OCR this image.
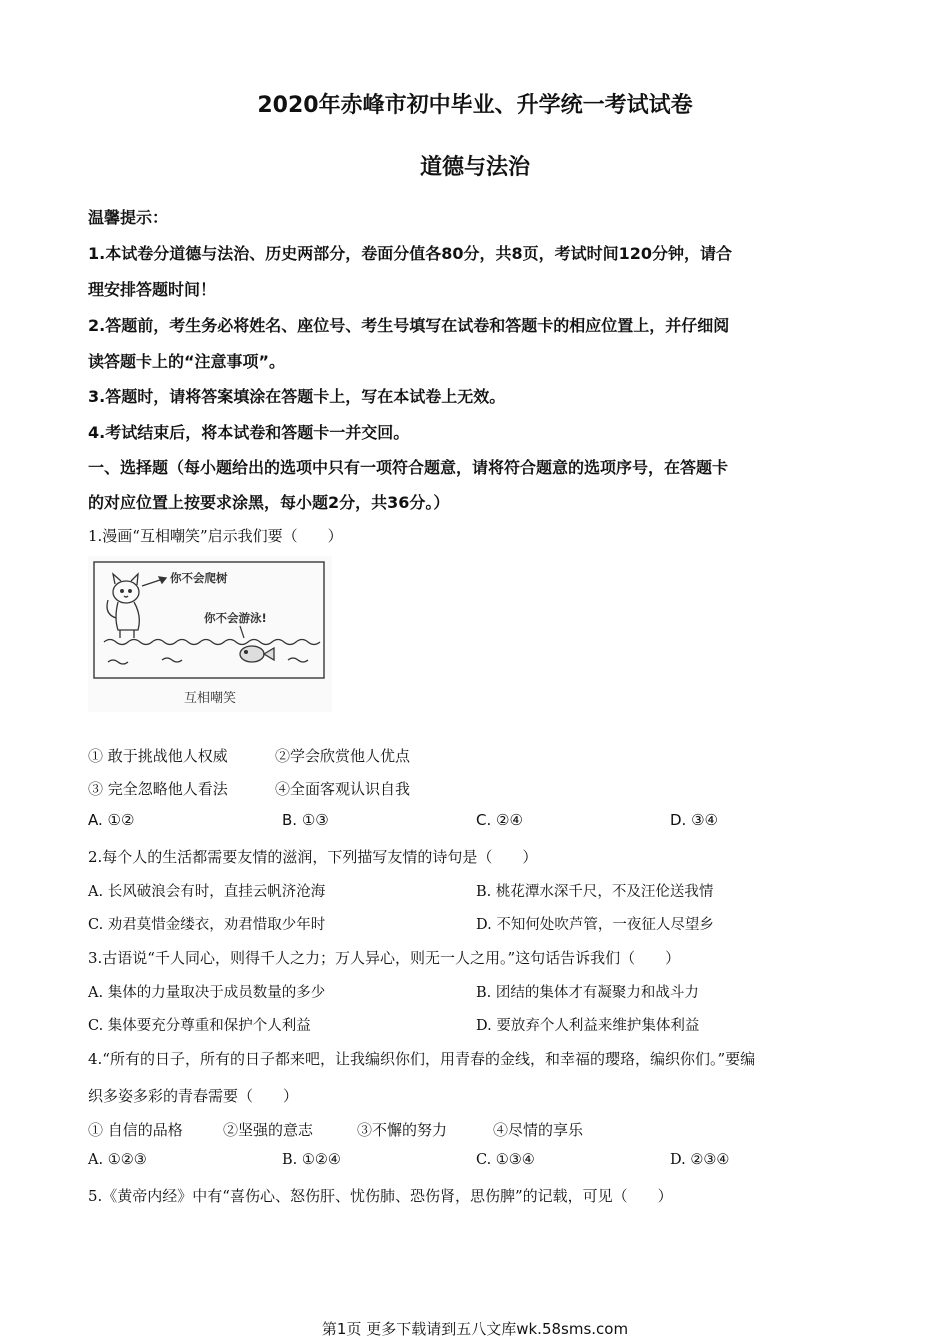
2020年赤峰市初中毕业、升学统一考试试卷
道德与法治
温馨提示：
1.本试卷分道德与法治、历史两部分，卷面分值各80分，共8页，考试时间120分钟，请合
理安排答题时间！
2.答题前，考生务必将姓名、座位号、考生号填写在试卷和答题卡的相应位置上，并仔细阅
读答题卡上的“注意事项”。
3.答题时，请将答案填涂在答题卡上，写在本试卷上无效。
4.考试结束后，将本试卷和答题卡一并交回。
一、选择题（每小题给出的选项中只有一项符合题意，请将符合题意的选项序号，在答题卡
的对应位置上按要求涂黑，每小题2分，共36分。）
1.漫画“互相嘲笑”启示我们要（　　）
你不会爬树
你不会游泳!
互相嘲笑
① 敢于挑战他人权威	②学会欣赏他人优点
③ 完全忽略他人看法	④全面客观认识自我
A. ①②	B. ①③	C. ②④	D. ③④
2.每个人的生活都需要友情的滋润，下列描写友情的诗句是（　　）
A. 长风破浪会有时，直挂云帆济沧海	B. 桃花潭水深千尺，不及汪伦送我情
C. 劝君莫惜金缕衣，劝君惜取少年时	D. 不知何处吹芦管，一夜征人尽望乡
3.古语说“千人同心，则得千人之力；万人异心，则无一人之用。”这句话告诉我们（　　）
A. 集体的力量取决于成员数量的多少	B. 团结的集体才有凝聚力和战斗力
C. 集体要充分尊重和保护个人利益	D. 要放弃个人利益来维护集体利益
4.“所有的日子，所有的日子都来吧，让我编织你们，用青春的金线，和幸福的璎珞，编织你们。”要编
织多姿多彩的青春需要（　　）
① 自信的品格	②坚强的意志	③不懈的努力	④尽情的享乐
A. ①②③	B. ①②④	C. ①③④	D. ②③④
5.《黄帝内经》中有“喜伤心、怒伤肝、忧伤肺、恐伤肾，思伤脾”的记载，可见（　　）
第1页 更多下载请到五八文库wk.58sms.com
